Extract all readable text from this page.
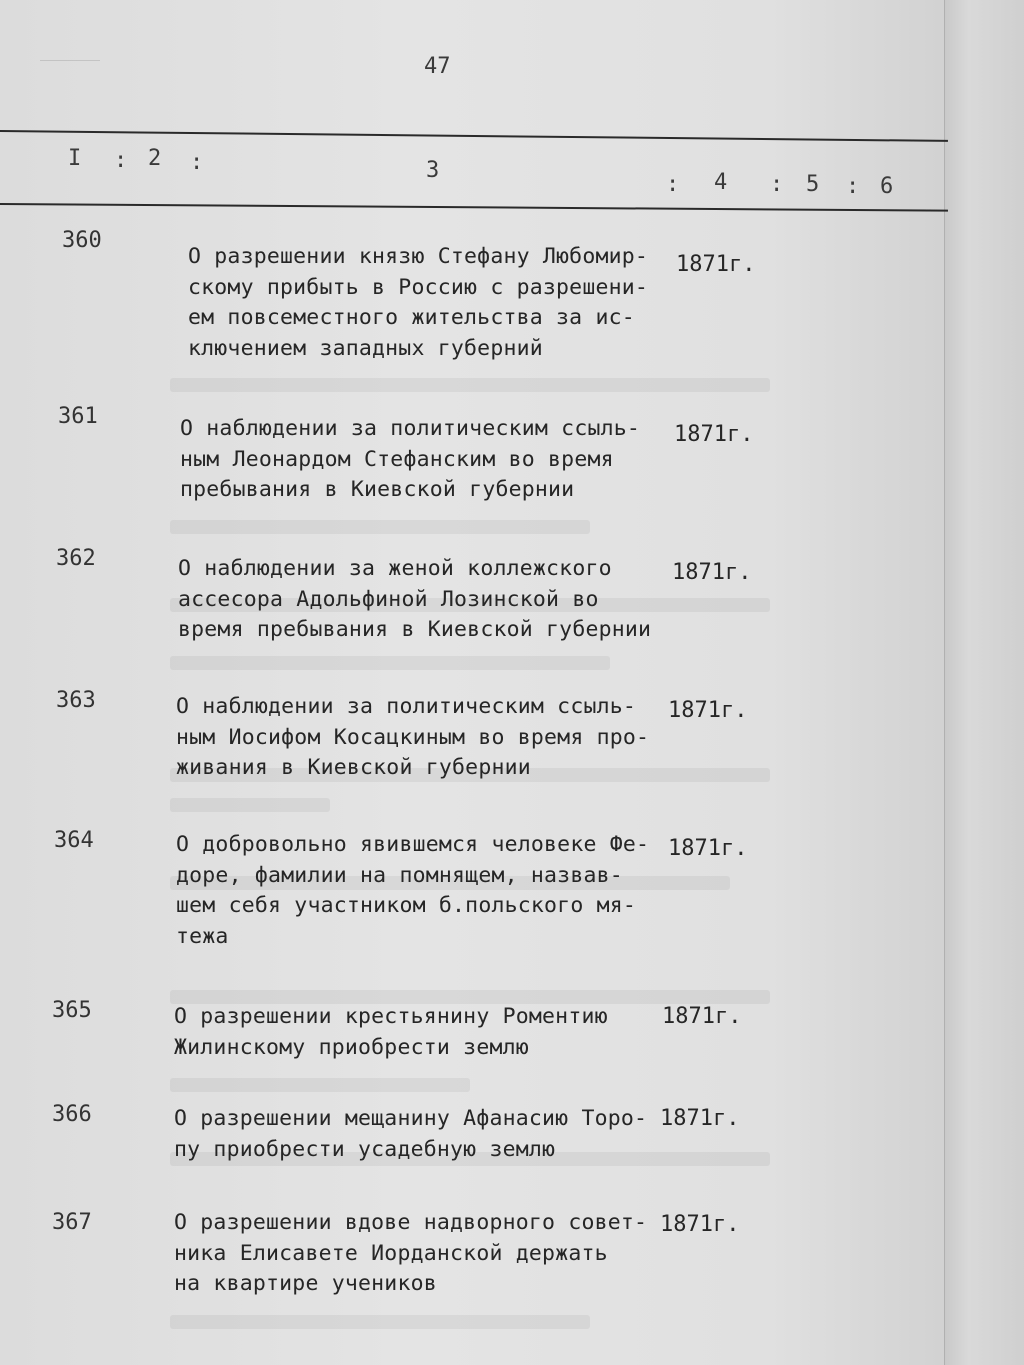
47
I : 2 :	3
: 4 : 5 : 6
360
О разрешении князю Стефану Любомир-
скому прибыть в Россию с разрешени-
ем повсеместного жительства за ис-
ключением западных губерний
1871г.
361	О наблюдении за политическим ссыль-
ным Леонардом Стефанским во время
пребывания в Киевской губернии
1871г.
362	О наблюдении за женой коллежского
ассесора Адольфиной Лозинской во
время пребывания в Киевской губернии
1871г.
363	О наблюдении за политическим ссыль-
ным Иосифом Косацкиным во время про-
живания в Киевской губернии
1871г.
364	О добровольно явившемся человеке Фе-
доре, фамилии на помнящем, назвав-
шем себя участником б.польского мя-
тежа
1871г.
365	О разрешении крестьянину Роментию
Жилинскому приобрести землю
1871г.
366	О разрешении мещанину Афанасию Торо-
пу приобрести усадебную землю
1871г.
367	О разрешении вдове надворного совет-
ника Елисавете Иорданской держать
на квартире учеников
1871г.
